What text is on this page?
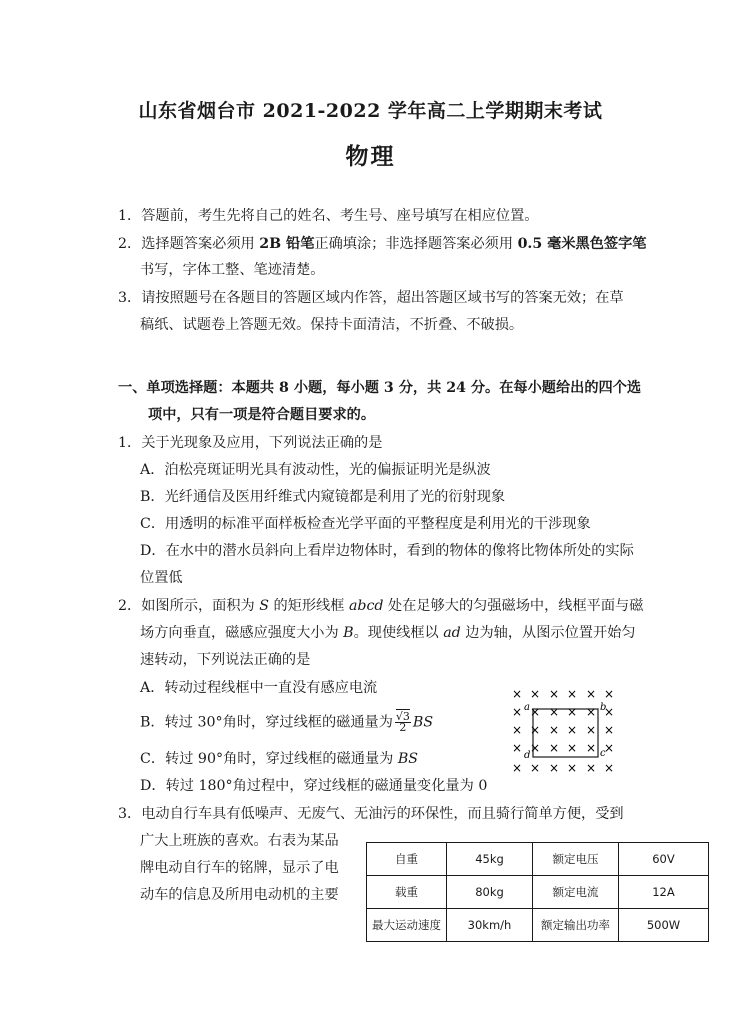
山东省烟台市 2021-2022 学年高二上学期期末考试
物理
1．答题前，考生先将自己的姓名、考生号、座号填写在相应位置。
2．选择题答案必须用 2B 铅笔正确填涂；非选择题答案必须用 0.5 毫米黑色签字笔
书写，字体工整、笔迹清楚。
3．请按照题号在各题目的答题区域内作答，超出答题区域书写的答案无效；在草
稿纸、试题卷上答题无效。保持卡面清洁，不折叠、不破损。
一、单项选择题：本题共 8 小题，每小题 3 分，共 24 分。在每小题给出的四个选
项中，只有一项是符合题目要求的。
1．关于光现象及应用，下列说法正确的是
A．泊松亮斑证明光具有波动性，光的偏振证明光是纵波
B．光纤通信及医用纤维式内窥镜都是利用了光的衍射现象
C．用透明的标准平面样板检查光学平面的平整程度是利用光的干涉现象
D．在水中的潜水员斜向上看岸边物体时，看到的物体的像将比物体所处的实际
位置低
2．如图所示，面积为 S 的矩形线框 abcd 处在足够大的匀强磁场中，线框平面与磁
场方向垂直，磁感应强度大小为 B。现使线框以 ad 边为轴，从图示位置开始匀
速转动，下列说法正确的是
A．转动过程线框中一直没有感应电流
B．转过 30°角时，穿过线框的磁通量为 $\frac{√3}{2}$ BS
C．转过 90°角时，穿过线框的磁通量为 BS
D．转过 180°角过程中，穿过线框的磁通量变化量为 0
a	b
c
d
× × × × × ×
× × × × × ×
× × × × × ×
× × × × × ×
× × × × × ×
3．电动自行车具有低噪声、无废气、无油污的环保性，而且骑行简单方便，受到
广大上班族的喜欢。右表为某品
牌电动自行车的铭牌，显示了电
动车的信息及所用电动机的主要
自重	45kg	额定电压	60V
载重	80kg	额定电流	12A
最大运动速度	30km/h	额定输出功率	500W
